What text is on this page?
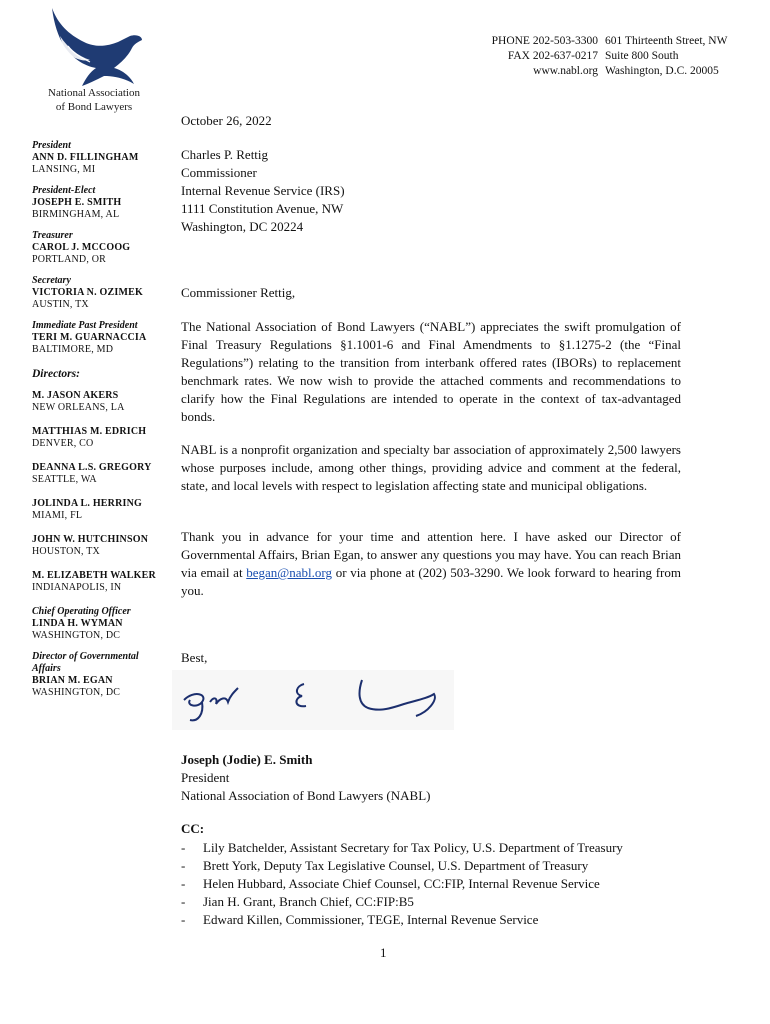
National Association
of Bond Lawyers
PHONE 202-503-3300
FAX 202-637-0217
www.nabl.org
601 Thirteenth Street, NW
Suite 800 South
Washington, D.C. 20005
President
ANN D. FILLINGHAM
LANSING, MI
President-Elect
JOSEPH E. SMITH
BIRMINGHAM, AL
Treasurer
CAROL J. MCCOOG
PORTLAND, OR
Secretary
VICTORIA N. OZIMEK
AUSTIN, TX
Immediate Past President
TERI M. GUARNACCIA
BALTIMORE, MD
Directors:
M. JASON AKERS
NEW ORLEANS, LA
MATTHIAS M. EDRICH
DENVER, CO
DEANNA L.S. GREGORY
SEATTLE, WA
JOLINDA L. HERRING
MIAMI, FL
JOHN W. HUTCHINSON
HOUSTON, TX
M. ELIZABETH WALKER
INDIANAPOLIS, IN
Chief Operating Officer
LINDA H. WYMAN
WASHINGTON, DC
Director of Governmental Affairs
BRIAN M. EGAN
WASHINGTON, DC
October 26, 2022
Charles P. Rettig
Commissioner
Internal Revenue Service (IRS)
1111 Constitution Avenue, NW
Washington, DC 20224
Commissioner Rettig,

The National Association of Bond Lawyers (“NABL”) appreciates the swift promulgation of Final Treasury Regulations §1.1001-6 and Final Amendments to §1.1275-2 (the “Final Regulations”) relating to the transition from interbank offered rates (IBORs) to replacement benchmark rates. We now wish to provide the attached comments and recommendations to clarify how the Final Regulations are intended to operate in the context of tax-advantaged bonds.

NABL is a nonprofit organization and specialty bar association of approximately 2,500 lawyers whose purposes include, among other things, providing advice and comment at the federal, state, and local levels with respect to legislation affecting state and municipal obligations.

Thank you in advance for your time and attention here. I have asked our Director of Governmental Affairs, Brian Egan, to answer any questions you may have. You can reach Brian via email at began@nabl.org or via phone at (202) 503-3290. We look forward to hearing from you.

Best,
Joseph (Jodie) E. Smith
President
National Association of Bond Lawyers (NABL)
CC:
- Lily Batchelder, Assistant Secretary for Tax Policy, U.S. Department of Treasury
- Brett York, Deputy Tax Legislative Counsel, U.S. Department of Treasury
- Helen Hubbard, Associate Chief Counsel, CC:FIP, Internal Revenue Service
- Jian H. Grant, Branch Chief, CC:FIP:B5
- Edward Killen, Commissioner, TEGE, Internal Revenue Service
1
